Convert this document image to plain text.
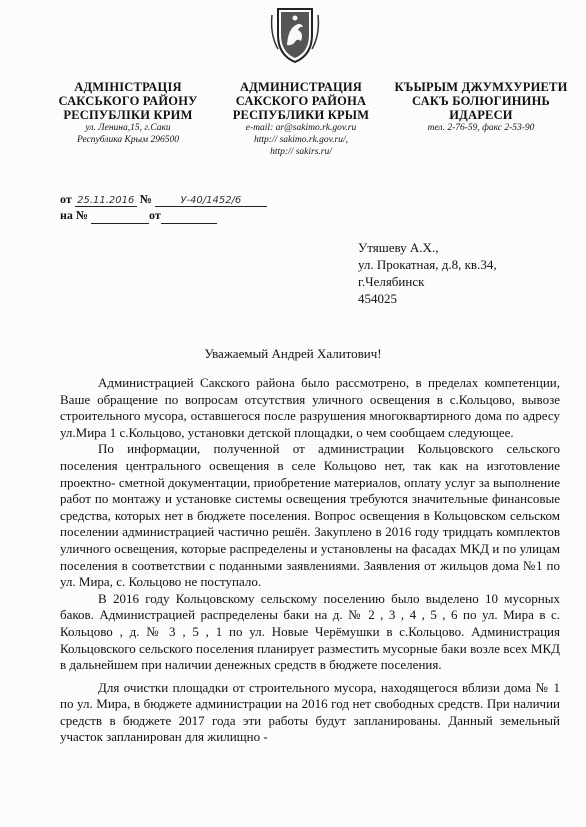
АДМІНІСТРАЦІЯ
САКСЬКОГО РАЙОНУ
РЕСПУБЛІКИ КРИМ
ул. Ленина,15, г.Саки
Республика Крым 296500
АДМИНИСТРАЦИЯ
САКСКОГО РАЙОНА
РЕСПУБЛИКИ КРЫМ
e-mail: ar@sakimo.rk.gov.ru
http:// sakimo.rk.gov.ru/,
http:// sakirs.ru/
КЪЫРЫМ ДЖУМХУРИЕТИ
САКЪ БОЛЮГИНИНЬ
ИДАРЕСИ
тел. 2-76-59, факс 2-53-90
от 25.11.2016 №	У-40/1452/6
на №	от
Утяшеву А.Х.,
ул. Прокатная, д.8, кв.34,
г.Челябинск
454025
Уважаемый Андрей Халитович!

Администрацией Сакского района было рассмотрено, в пределах компетенции, Ваше обращение по вопросам отсутствия уличного освещения в с.Кольцово, вывозе строительного мусора, оставшегося после разрушения многоквартирного дома по адресу ул.Мира 1 с.Кольцово, установки детской площадки, о чем сообщаем следующее.

По информации, полученной от администрации Кольцовского сельского поселения центрального освещения в селе Кольцово нет, так как на изготовление проектно- сметной документации, приобретение материалов, оплату услуг за выполнение работ по монтажу и установке системы освещения требуются значительные финансовые средства, которых нет в бюджете поселения. Вопрос освещения в Кольцовском сельском поселении администрацией частично решён. Закуплено в 2016 году тридцать комплектов уличного освещения, которые распределены и установлены на фасадах МКД и по улицам поселения в соответствии с поданными заявлениями. Заявления от жильцов дома №1 по ул. Мира, с. Кольцово не поступало.

В 2016 году Кольцовскому сельскому поселению было выделено 10 мусорных баков. Администрацией распределены баки на д. № 2 , 3 , 4 , 5 , 6 по ул. Мира в с. Кольцово , д. № 3 , 5 , 1 по ул. Новые Черёмушки в с.Кольцово. Администрация Кольцовского сельского поселения планирует разместить мусорные баки возле всех МКД в дальнейшем при наличии денежных средств в бюджете поселения.

Для очистки площадки от строительного мусора, находящегося вблизи дома № 1 по ул. Мира, в бюджете администрации на 2016 год нет свободных средств. При наличии средств в бюджете 2017 года эти работы будут запланированы. Данный земельный участок запланирован для жилищно -
